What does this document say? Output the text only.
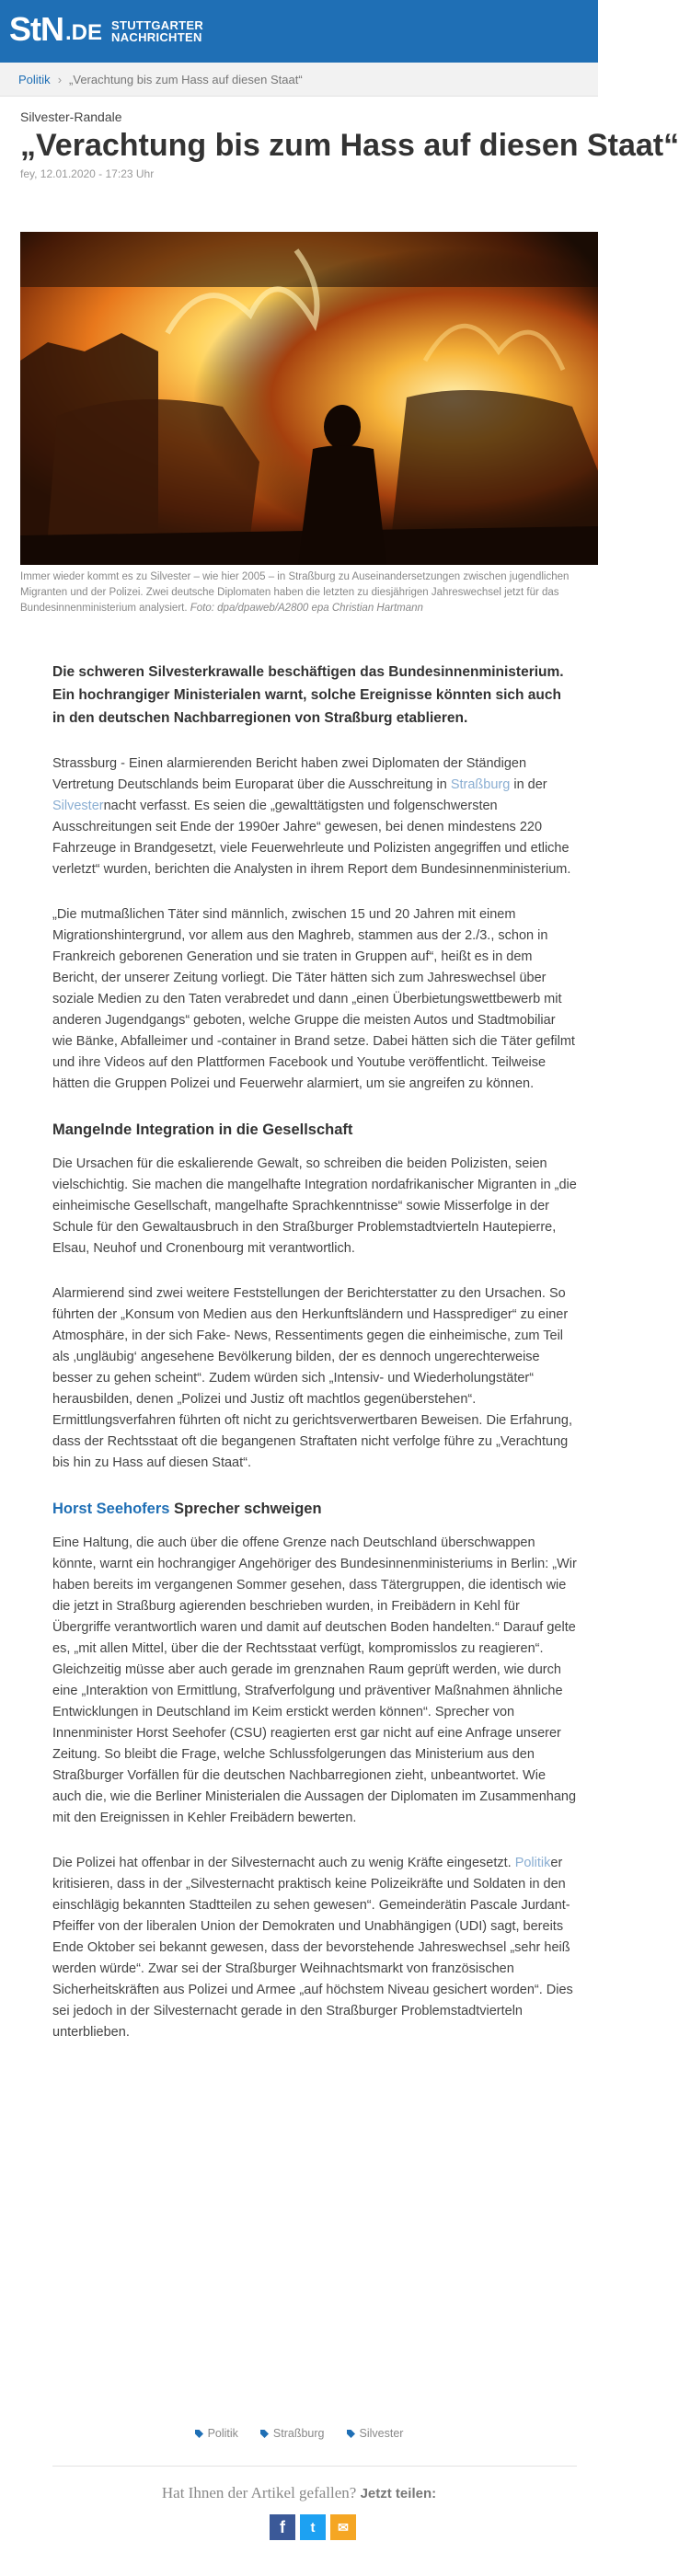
StN .DE STUTTGARTER
NACHRICHTEN
Politik › „Verachtung bis zum Hass auf diesen Staat“
Silvester-Randale
„Verachtung bis zum Hass auf diesen Staat“
fey, 12.01.2020 - 17:23 Uhr
Immer wieder kommt es zu Silvester – wie hier 2005 – in Straßburg zu Auseinandersetzungen zwischen jugendlichen Migranten und der Polizei. Zwei deutsche Diplomaten haben die letzten zu diesjährigen Jahreswechsel jetzt für das Bundesinnenministerium analysiert. Foto: dpa/dpaweb/A2800 epa Christian Hartmann

Die schweren Silvesterkrawalle beschäftigen das Bundesinnenministerium. Ein hochrangiger Ministerialen warnt, solche Ereignisse könnten sich auch in den deutschen Nachbarregionen von Straßburg etablieren.

Strassburg - Einen alarmierenden Bericht haben zwei Diplomaten der Ständigen Vertretung Deutschlands beim Europarat über die Ausschreitung in Straßburg in der Silvesternacht verfasst. Es seien die „gewalttätigsten und folgenschwersten Ausschreitungen seit Ende der 1990er Jahre“ gewesen, bei denen mindestens 220 Fahrzeuge in Brandgesetzt, viele Feuerwehrleute und Polizisten angegriffen und etliche verletzt“ wurden, berichten die Analysten in ihrem Report dem Bundesinnenministerium.

„Die mutmaßlichen Täter sind männlich, zwischen 15 und 20 Jahren mit einem Migrationshintergrund, vor allem aus den Maghreb, stammen aus der 2./3., schon in Frankreich geborenen Generation und sie traten in Gruppen auf“, heißt es in dem Bericht, der unserer Zeitung vorliegt. Die Täter hätten sich zum Jahreswechsel über soziale Medien zu den Taten verabredet und dann „einen Überbietungswettbewerb mit anderen Jugendgangs“ geboten, welche Gruppe die meisten Autos und Stadtmobiliar wie Bänke, Abfalleimer und -container in Brand setze. Dabei hätten sich die Täter gefilmt und ihre Videos auf den Plattformen Facebook und Youtube veröffentlicht. Teilweise hätten die Gruppen Polizei und Feuerwehr alarmiert, um sie angreifen zu können.

Mangelnde Integration in die Gesellschaft

Die Ursachen für die eskalierende Gewalt, so schreiben die beiden Polizisten, seien vielschichtig. Sie machen die mangelhafte Integration nordafrikanischer Migranten in „die einheimische Gesellschaft, mangelhafte Sprachkenntnisse“ sowie Misserfolge in der Schule für den Gewaltausbruch in den Straßburger Problemstadtvierteln Hautepierre, Elsau, Neuhof und Cronenbourg mit verantwortlich.

Alarmierend sind zwei weitere Feststellungen der Berichterstatter zu den Ursachen. So führten der „Konsum von Medien aus den Herkunftsländern und Hassprediger“ zu einer Atmosphäre, in der sich Fake- News, Ressentiments gegen die einheimische, zum Teil als ‚ungläubig‘ angesehene Bevölkerung bilden, der es dennoch ungerechterweise besser zu gehen scheint“. Zudem würden sich „Intensiv- und Wiederholungstäter“ herausbilden, denen „Polizei und Justiz oft machtlos gegenüberstehen“. Ermittlungsverfahren führten oft nicht zu gerichtsverwertbaren Beweisen. Die Erfahrung, dass der Rechtsstaat oft die begangenen Straftaten nicht verfolge führe zu „Verachtung bis hin zu Hass auf diesen Staat“.

Horst Seehofers Sprecher schweigen

Eine Haltung, die auch über die offene Grenze nach Deutschland überschwappen könnte, warnt ein hochrangiger Angehöriger des Bundesinnenministeriums in Berlin: „Wir haben bereits im vergangenen Sommer gesehen, dass Tätergruppen, die identisch wie die jetzt in Straßburg agierenden beschrieben wurden, in Freibädern in Kehl für Übergriffe verantwortlich waren und damit auf deutschen Boden handelten.“ Darauf gelte es, „mit allen Mittel, über die der Rechtsstaat verfügt, kompromisslos zu reagieren“. Gleichzeitig müsse aber auch gerade im grenznahen Raum geprüft werden, wie durch eine „Interaktion von Ermittlung, Strafverfolgung und präventiver Maßnahmen ähnliche Entwicklungen in Deutschland im Keim erstickt werden können“. Sprecher von Innenminister Horst Seehofer (CSU) reagierten erst gar nicht auf eine Anfrage unserer Zeitung. So bleibt die Frage, welche Schlussfolgerungen das Ministerium aus den Straßburger Vorfällen für die deutschen Nachbarregionen zieht, unbeantwortet. Wie auch die, wie die Berliner Ministerialen die Aussagen der Diplomaten im Zusammenhang mit den Ereignissen in Kehler Freibädern bewerten.

Die Polizei hat offenbar in der Silvesternacht auch zu wenig Kräfte eingesetzt. Politiker kritisieren, dass in der „Silvesternacht praktisch keine Polizeikräfte und Soldaten in den einschlägig bekannten Stadtteilen zu sehen gewesen“. Gemeinderätin Pascale Jurdant-Pfeiffer von der liberalen Union der Demokraten und Unabhängigen (UDI) sagt, bereits Ende Oktober sei bekannt gewesen, dass der bevorstehende Jahreswechsel „sehr heiß werden würde“. Zwar sei der Straßburger Weihnachtsmarkt von französischen Sicherheitskräften aus Polizei und Armee „auf höchstem Niveau gesichert worden“. Dies sei jedoch in der Silvesternacht gerade in den Straßburger Problemstadtvierteln unterblieben.

Politik	Straßburg	Silvester
Hat Ihnen der Artikel gefallen? Jetzt teilen:
f	t	✉
